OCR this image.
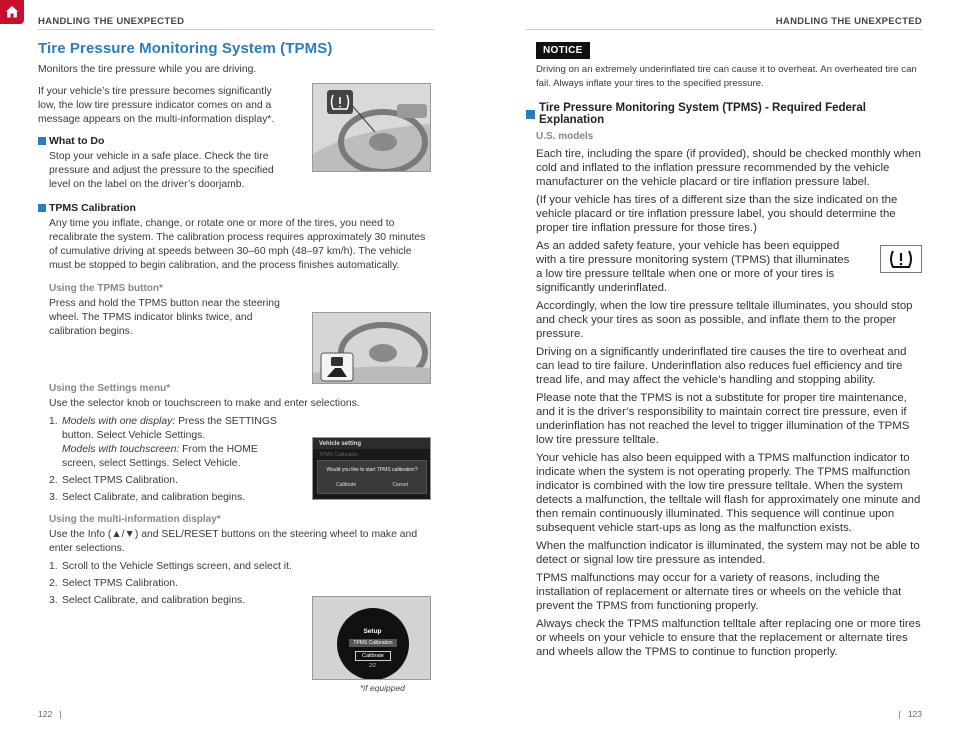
HANDLING THE UNEXPECTED	HANDLING THE UNEXPECTED
Tire Pressure Monitoring System (TPMS)

Monitors the tire pressure while you are driving.

If your vehicle’s tire pressure becomes significantly low, the low tire pressure indicator comes on and a message appears on the multi-information display*.

What to Do

Stop your vehicle in a safe place. Check the tire pressure and adjust the pressure to the specified level on the label on the driver’s doorjamb.

TPMS Calibration

Any time you inflate, change, or rotate one or more of the tires, you need to recalibrate the system. The calibration process requires approximately 30 minutes of cumulative driving at speeds between 30–60 mph (48–97 km/h). The vehicle must be stopped to begin calibration, and the process finishes automatically.

Using the TPMS button*

Press and hold the TPMS button near the steering wheel. The TPMS indicator blinks twice, and calibration begins.

Using the Settings menu*

Use the selector knob or touchscreen to make and enter selections.

1. Models with one display: Press the SETTINGS button. Select Vehicle Settings.
Models with touchscreen: From the HOME screen, select Settings. Select Vehicle.
2. Select TPMS Calibration.
3. Select Calibrate, and calibration begins.
Using the multi-information display*

Use the Info (▲/▼) and SEL/RESET buttons on the steering wheel to make and enter selections.

1. Scroll to the Vehicle Settings screen, and select it.
2. Select TPMS Calibration.
3. Select Calibrate, and calibration begins.
Vehicle setting
TPMS Calibration
Would you like to start TPMS calibration?
Calibrate	Cancel
Setup
TPMS Calibration
Calibrate
2/2
*if equipped
122   |	|   123
NOTICE

Driving on an extremely underinflated tire can cause it to overheat. An overheated tire can fail. Always inflate your tires to the specified pressure.

Tire Pressure Monitoring System (TPMS) - Required Federal Explanation
U.S. models

Each tire, including the spare (if provided), should be checked monthly when cold and inflated to the inflation pressure recommended by the vehicle manufacturer on the vehicle placard or tire inflation pressure label.

(If your vehicle has tires of a different size than the size indicated on the vehicle placard or tire inflation pressure label, you should determine the proper tire inflation pressure for those tires.)

As an added safety feature, your vehicle has been equipped with a tire pressure monitoring system (TPMS) that illuminates a low tire pressure telltale when one or more of your tires is significantly underinflated.

Accordingly, when the low tire pressure telltale illuminates, you should stop and check your tires as soon as possible, and inflate them to the proper pressure.

Driving on a significantly underinflated tire causes the tire to overheat and can lead to tire failure. Underinflation also reduces fuel efficiency and tire tread life, and may affect the vehicle’s handling and stopping ability.

Please note that the TPMS is not a substitute for proper tire maintenance, and it is the driver’s responsibility to maintain correct tire pressure, even if underinflation has not reached the level to trigger illumination of the TPMS low tire pressure telltale.

Your vehicle has also been equipped with a TPMS malfunction indicator to indicate when the system is not operating properly. The TPMS malfunction indicator is combined with the low tire pressure telltale. When the system detects a malfunction, the telltale will flash for approximately one minute and then remain continuously illuminated. This sequence will continue upon subsequent vehicle start-ups as long as the malfunction exists.

When the malfunction indicator is illuminated, the system may not be able to detect or signal low tire pressure as intended.

TPMS malfunctions may occur for a variety of reasons, including the installation of replacement or alternate tires or wheels on the vehicle that prevent the TPMS from functioning properly.

Always check the TPMS malfunction telltale after replacing one or more tires or wheels on your vehicle to ensure that the replacement or alternate tires and wheels allow the TPMS to continue to function properly.
